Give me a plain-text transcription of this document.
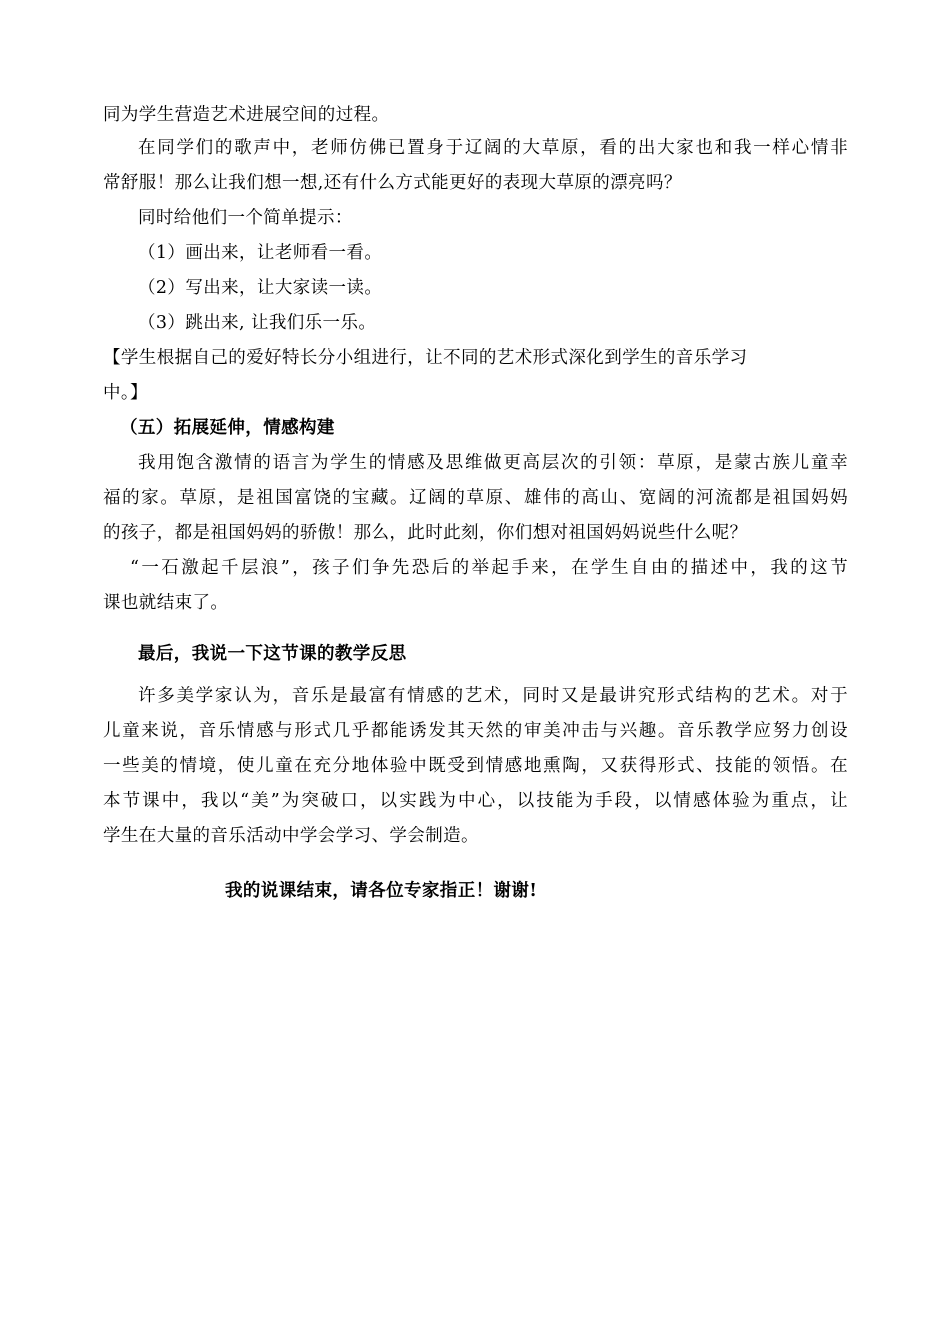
同为学生营造艺术进展空间的过程。
在同学们的歌声中，老师仿佛已置身于辽阔的大草原，看的出大家也和我一样心情非
常舒服！那么让我们想一想,还有什么方式能更好的表现大草原的漂亮吗？
同时给他们一个简单提示：
（1）画出来，让老师看一看。
（2）写出来，让大家读一读。
（3）跳出来, 让我们乐一乐。
【学生根据自己的爱好特长分小组进行，让不同的艺术形式深化到学生的音乐学习
中。】
（五）拓展延伸，情感构建
我用饱含激情的语言为学生的情感及思维做更高层次的引领：草原，是蒙古族儿童幸
福的家。草原，是祖国富饶的宝藏。辽阔的草原、雄伟的高山、宽阔的河流都是祖国妈妈
的孩子，都是祖国妈妈的骄傲！那么，此时此刻，你们想对祖国妈妈说些什么呢？
“一石激起千层浪”，孩子们争先恐后的举起手来，在学生自由的描述中，我的这节
课也就结束了。
最后，我说一下这节课的教学反思
许多美学家认为，音乐是最富有情感的艺术，同时又是最讲究形式结构的艺术。对于
儿童来说，音乐情感与形式几乎都能诱发其天然的审美冲击与兴趣。音乐教学应努力创设
一些美的情境，使儿童在充分地体验中既受到情感地熏陶，又获得形式、技能的领悟。在
本节课中，我以“美”为突破口，以实践为中心，以技能为手段，以情感体验为重点，让
学生在大量的音乐活动中学会学习、学会制造。
我的说课结束，请各位专家指正！谢谢!
